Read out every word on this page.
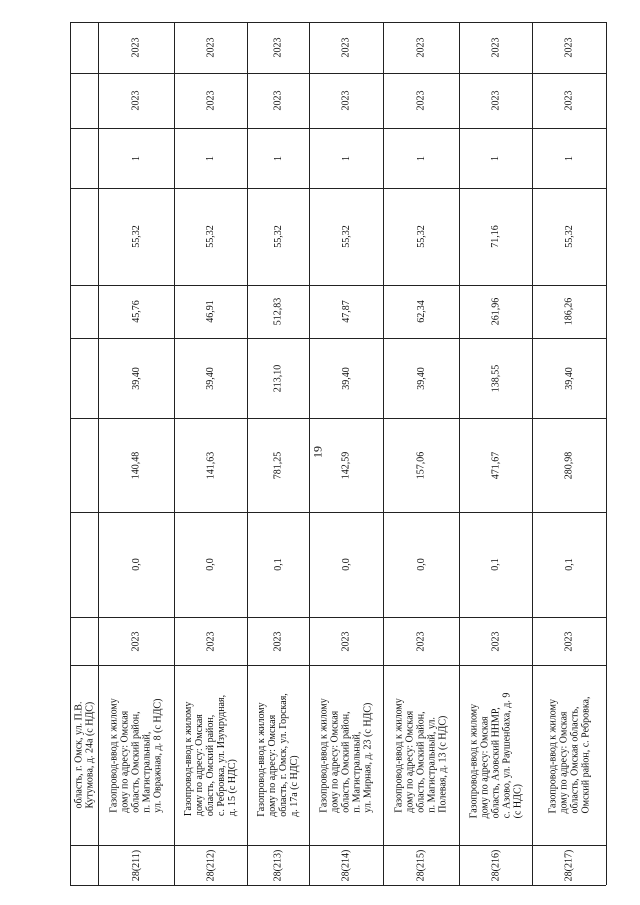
область, г. Омск, ул. П.В. Кутумова, д. 24а (с НДС)
28(211)
Газопровод-ввод к жилому дому по адресу: Омская область, Омский район, п. Магистральный, ул. Овражная, д. 8 (с НДС)
2023
0,0
140,48
39,40
45,76
55,32
1
2023
2023
28(212)
Газопровод-ввод к жилому дому по адресу: Омская область, Омский район, с. Ребровка, ул. Изумрудная, д. 15 (с НДС)
2023
0,0
141,63
39,40
46,91
55,32
1
2023
2023
28(213)
Газопровод-ввод к жилому дому по адресу: Омская область, г. Омск, ул. Горская, д. 17а (с НДС)
2023
0,1
781,25
213,10
512,83
55,32
1
2023
2023
28(214)
Газопровод-ввод к жилому дому по адресу: Омская область, Омский район, п. Магистральный, ул. Мирная, д. 23 (с НДС)
2023
0,0
142,59
39,40
47,87
55,32
1
2023
2023
28(215)
Газопровод-ввод к жилому дому по адресу: Омская область, Омский район, п. Магистральный, ул. Полевая, д. 13 (с НДС)
2023
0,0
157,06
39,40
62,34
55,32
1
2023
2023
28(216)
Газопровод-ввод к жилому дому по адресу: Омская область, Азовский ННМР, с. Азово, ул. Раушенбаха, д. 9 (с НДС)
2023
0,1
471,67
138,55
261,96
71,16
1
2023
2023
28(217)
Газопровод-ввод к жилому дому по адресу: Омская область, Омская область, Омский район, с. Ребровка,
2023
0,1
280,98
39,40
186,26
55,32
1
2023
2023
19
